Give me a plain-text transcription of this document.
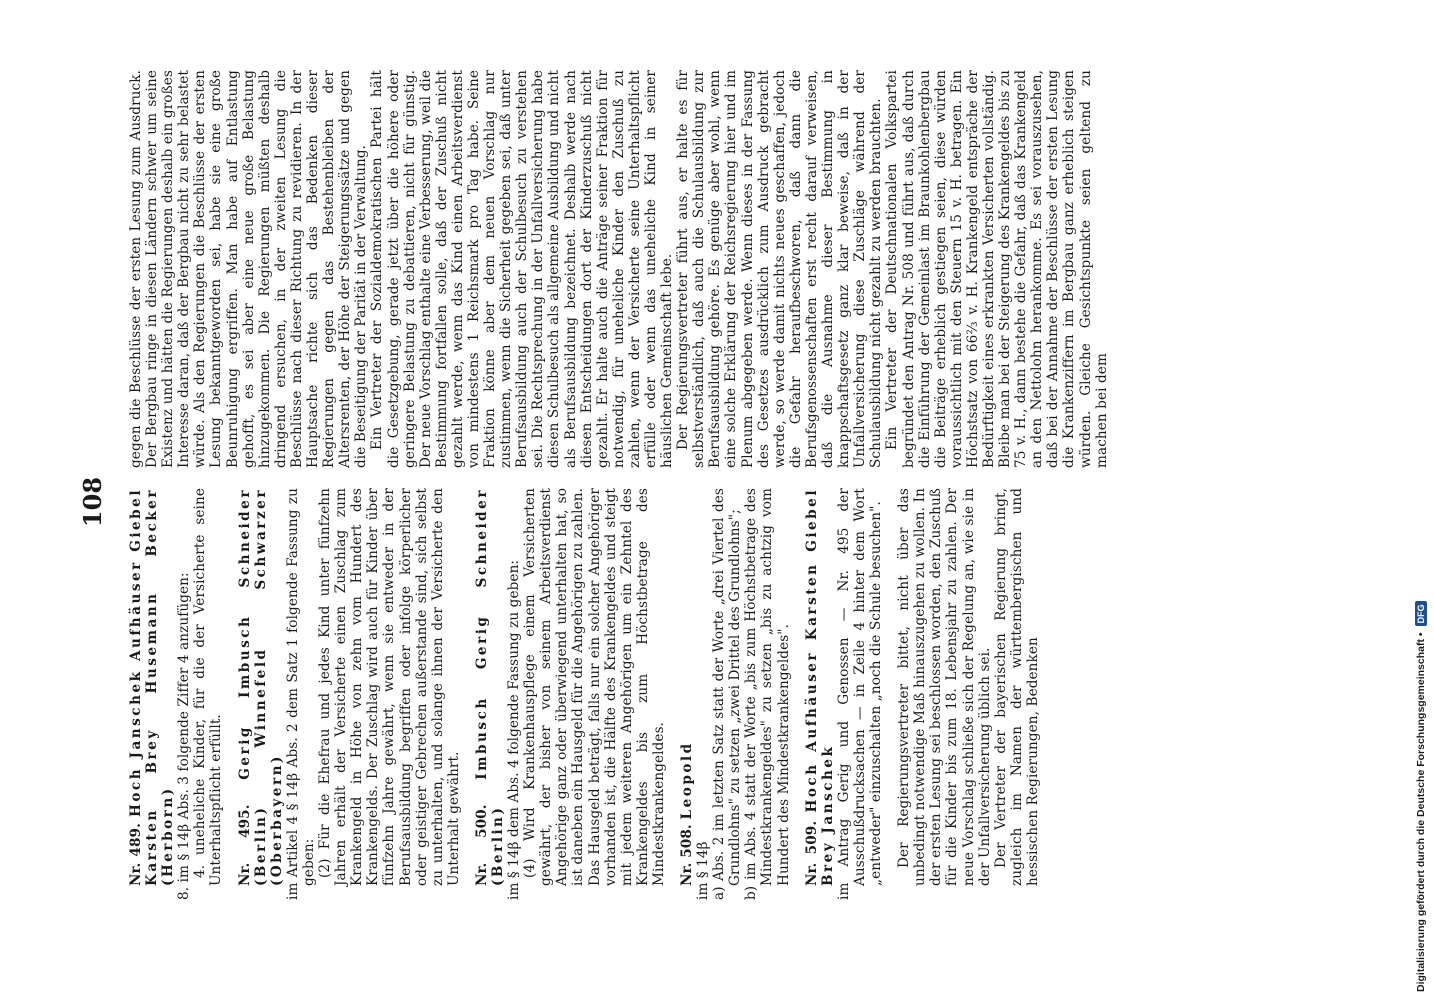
108

Nr. 489. Hoch Janschek Aufhäuser Giebel Karsten Brey Husemann Becker (Herborn) 8. im § 14β Abs. 3 folgende Ziffer 4 anzufügen: 4. uneheliche Kinder, für die der Versicherte seine Unterhaltspflicht erfüllt. Nr. 495. Gerig Imbusch Schneider (Berlin) Winnefeld Schwarzer (Oberbayern) im Artikel 4 § 14β Abs. 2 dem Satz 1 folgende Fassung zu geben: (2) Für die Ehefrau und jedes Kind unter fünfzehn Jahren erhält der Versicherte einen Zuschlag zum Krankengeld in Höhe von zehn vom Hundert des Krankengelds. Der Zuschlag wird auch für Kinder über fünfzehn Jahre gewährt, wenn sie entweder in der Berufsausbildung begriffen oder infolge körperlicher oder geistiger Gebrechen außerstande sind, sich selbst zu unterhalten, und solange ihnen der Versicherte den Unterhalt gewährt. Nr. 500. Imbusch Gerig Schneider (Berlin) im § 14β dem Abs. 4 folgende Fassung zu geben: (4) Wird Krankenhauspflege einem Versicherten gewährt, der bisher von seinem Arbeitsverdienst Angehörige ganz oder überwiegend unterhalten hat, so ist daneben ein Hausgeld für die Angehörigen zu zahlen. Das Hausgeld beträgt, falls nur ein solcher Angehöriger vorhanden ist, die Hälfte des Krankengeldes und steigt mit jedem weiteren Angehörigen um ein Zehntel des Krankengeldes bis zum Höchstbetrage des Mindestkrankengeldes. Nr. 508. Leopold

im § 14β a) Abs. 2 im letzten Satz statt der Worte „drei Viertel des Grundlohns" zu setzen „zwei Drittel des Grundlohns"; b) im Abs. 4 statt der Worte „bis zum Höchstbetrage des Mindestkrankengeldes" zu setzen „bis zu achtzig vom Hundert des Mindestkrankengeldes". Nr. 509. Hoch Aufhäuser Karsten Giebel Brey Janschek im Antrag Gerig und Genossen — Nr. 495 der Ausschußdrucksachen — in Zeile 4 hinter dem Wort „entweder" einzuschalten „noch die Schule besuchen". Der Regierungsvertreter bittet, nicht über das unbedingt notwendige Maß hinauszugehen zu wollen. In der ersten Lesung sei beschlossen worden, den Zuschuß für die Kinder bis zum 18. Lebensjahr zu zahlen. Der neue Vorschlag schließe sich der Regelung an, wie sie in der Unfallversicherung üblich sei. Der Vertreter der bayerischen Regierung bringt, zugleich im Namen der württembergischen und hessischen Regierungen, Bedenken

gegen die Beschlüsse der ersten Lesung zum Ausdruck. Der Bergbau ringe in diesen Ländern schwer um seine Existenz und hätten die Regierungen deshalb ein großes Interesse daran, daß der Bergbau nicht zu sehr belastet würde. Als den Regierungen die Beschlüsse der ersten Lesung bekanntgeworden sei, habe sie eine große Beunruhigung ergriffen. Man habe auf Entlastung gehofft, es sei aber eine neue große Belastung hinzugekommen. Die Regierungen müßten deshalb dringend ersuchen, in der zweiten Lesung die Beschlüsse nach dieser Richtung zu revidieren. In der Hauptsache richte sich das Bedenken dieser Regierungen gegen das Bestehenbleiben der Altersrenten, der Höhe der Steigerungssätze und gegen die Beseitigung der Parität in der Verwaltung. Ein Vertreter der Sozialdemokratischen Partei hält die Gesetzgebung, gerade jetzt über die höhere oder geringere Belastung zu debattieren, nicht für günstig. Der neue Vorschlag enthalte eine Verbesserung, weil die Bestimmung fortfallen solle, daß der Zuschuß nicht gezahlt werde, wenn das Kind einen Arbeitsverdienst von mindestens 1 Reichsmark pro Tag habe. Seine Fraktion könne aber dem neuen Vorschlag nur zustimmen, wenn die Sicherheit gegeben sei, daß unter Berufsausbildung auch der Schulbesuch zu verstehen sei. Die Rechtsprechung in der Unfallversicherung habe diesen Schulbesuch als allgemeine Ausbildung und nicht als Berufsausbildung bezeichnet. Deshalb werde nach diesen Entscheidungen dort der Kinderzuschuß nicht gezahlt. Er halte auch die Anträge seiner Fraktion für notwendig, für uneheliche Kinder den Zuschuß zu zahlen, wenn der Versicherte seine Unterhaltspflicht erfülle oder wenn das uneheliche Kind in seiner häuslichen Gemeinschaft lebe. Der Regierungsvertreter führt aus, er halte es für selbstverständlich, daß auch die Schulausbildung zur Berufsausbildung gehöre. Es genüge aber wohl, wenn eine solche Erklärung der Reichsregierung hier und im Plenum abgegeben werde. Wenn dieses in der Fassung des Gesetzes ausdrücklich zum Ausdruck gebracht werde, so werde damit nichts neues geschaffen, jedoch die Gefahr heraufbeschworen, daß dann die Berufsgenossenschaften erst recht darauf verweisen, daß die Ausnahme dieser Bestimmung in knappschaftsgesetz ganz klar beweise, daß in der Unfallversicherung diese Zuschläge während der Schulausbildung nicht gezahlt zu werden brauchten. Ein Vertreter der Deutschnationalen Volkspartei begründet den Antrag Nr. 508 und führt aus, daß durch die Einführung der Gemeinlast im Braunkohlenbergbau die Beiträge erheblich gestiegen seien, diese würden voraussichtlich mit den Steuern 15 v. H. betragen. Ein Höchstsatz von 66⅔ v. H. Krankengeld entspräche der Bedürftigkeit eines erkrankten Versicherten vollständig. Bleibe man bei der Steigerung des Krankengeldes bis zu 75 v. H., dann bestehe die Gefahr, daß das Krankengeld an den Nettolohn herankomme. Es sei vorauszusehen, daß bei der Annahme der Beschlüsse der ersten Lesung die Krankenziffern im Bergbau ganz erheblich steigen würden. Gleiche Gesichtspunkte seien geltend zu machen bei dem

Digitalisierung gefördert durch die Deutsche Forschungsgemeinschaft •
DFG
